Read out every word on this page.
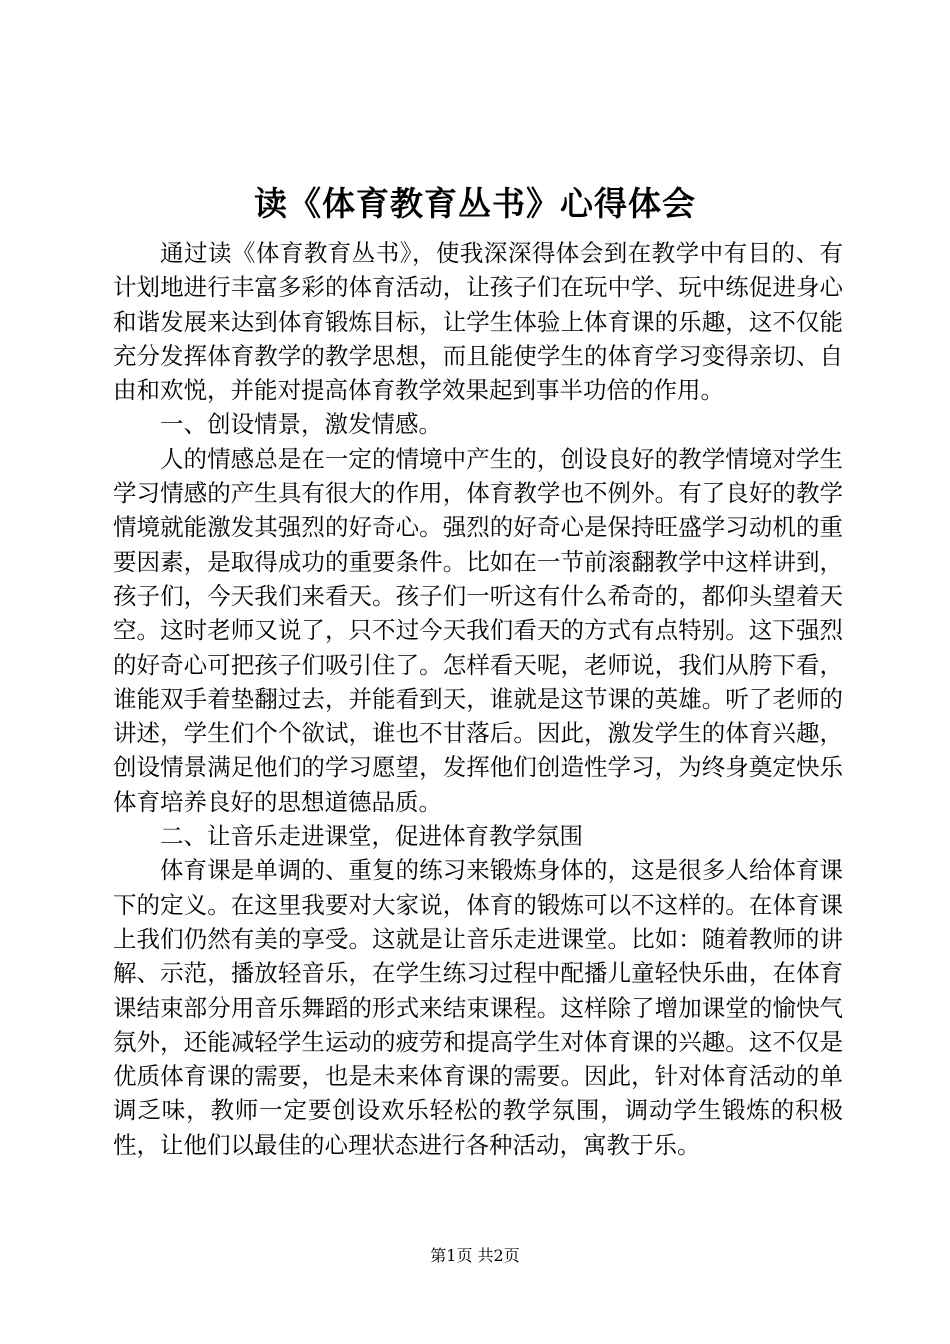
读《体育教育丛书》心得体会

通过读《体育教育丛书》，使我深深得体会到在教学中有目的、有计划地进行丰富多彩的体育活动，让孩子们在玩中学、玩中练促进身心和谐发展来达到体育锻炼目标，让学生体验上体育课的乐趣，这不仅能充分发挥体育教学的教学思想，而且能使学生的体育学习变得亲切、自由和欢悦，并能对提高体育教学效果起到事半功倍的作用。

一、创设情景，激发情感。

人的情感总是在一定的情境中产生的，创设良好的教学情境对学生学习情感的产生具有很大的作用，体育教学也不例外。有了良好的教学情境就能激发其强烈的好奇心。强烈的好奇心是保持旺盛学习动机的重要因素，是取得成功的重要条件。比如在一节前滚翻教学中这样讲到，孩子们，今天我们来看天。孩子们一听这有什么希奇的，都仰头望着天空。这时老师又说了，只不过今天我们看天的方式有点特别。这下强烈的好奇心可把孩子们吸引住了。怎样看天呢，老师说，我们从胯下看，谁能双手着垫翻过去，并能看到天，谁就是这节课的英雄。听了老师的讲述，学生们个个欲试，谁也不甘落后。因此，激发学生的体育兴趣，创设情景满足他们的学习愿望，发挥他们创造性学习，为终身奠定快乐体育培养良好的思想道德品质。

二、让音乐走进课堂，促进体育教学氛围

体育课是单调的、重复的练习来锻炼身体的，这是很多人给体育课下的定义。在这里我要对大家说，体育的锻炼可以不这样的。在体育课上我们仍然有美的享受。这就是让音乐走进课堂。比如：随着教师的讲解、示范，播放轻音乐，在学生练习过程中配播儿童轻快乐曲，在体育课结束部分用音乐舞蹈的形式来结束课程。这样除了增加课堂的愉快气氛外，还能减轻学生运动的疲劳和提高学生对体育课的兴趣。这不仅是优质体育课的需要，也是未来体育课的需要。因此，针对体育活动的单调乏味，教师一定要创设欢乐轻松的教学氛围，调动学生锻炼的积极性，让他们以最佳的心理状态进行各种活动，寓教于乐。

第1页 共2页
